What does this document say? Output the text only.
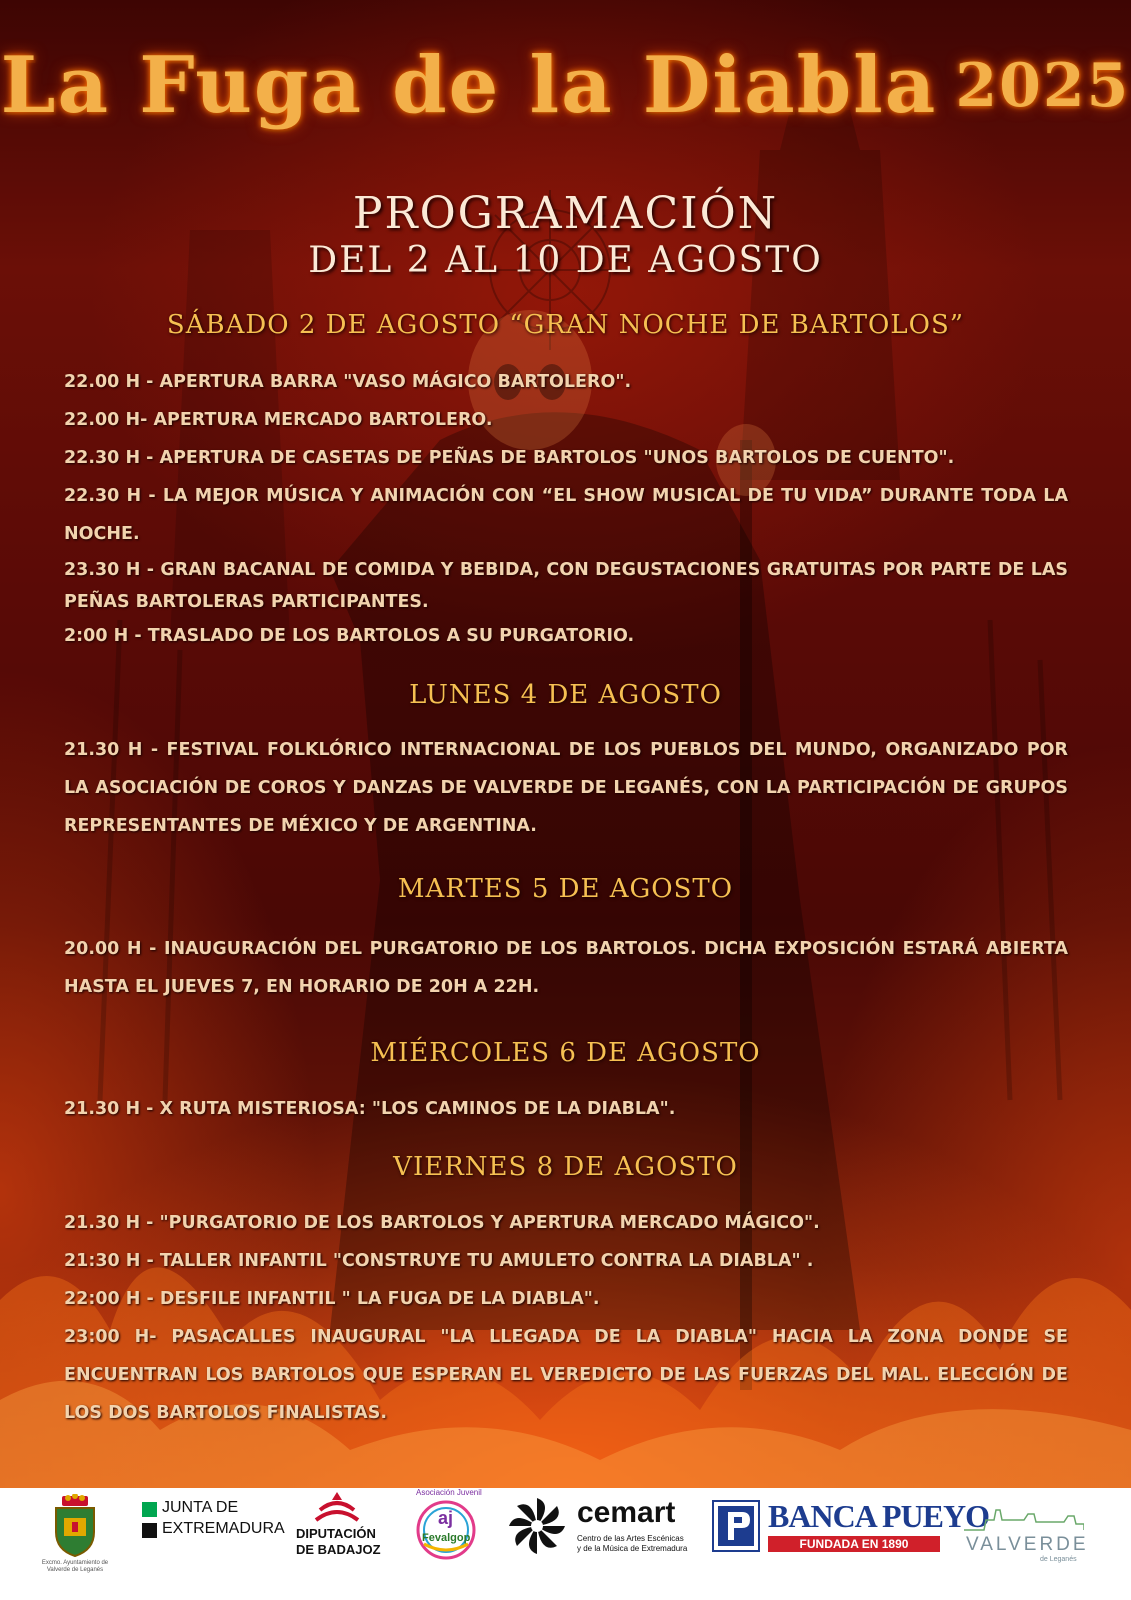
La Fuga de la Diabla 2025
PROGRAMACIÓN
DEL 2 AL 10 DE AGOSTO
SÁBADO 2 DE AGOSTO “GRAN NOCHE DE BARTOLOS”
22.00 H - APERTURA BARRA "VASO MÁGICO BARTOLERO".
22.00 H- APERTURA MERCADO BARTOLERO.
22.30 H - APERTURA DE CASETAS DE PEÑAS DE BARTOLOS "UNOS BARTOLOS DE CUENTO".
22.30 H - LA MEJOR MÚSICA Y ANIMACIÓN CON “EL SHOW MUSICAL DE TU VIDA” DURANTE TODA LA NOCHE.
23.30 H - GRAN BACANAL DE COMIDA Y BEBIDA, CON DEGUSTACIONES GRATUITAS POR PARTE DE LAS PEÑAS BARTOLERAS PARTICIPANTES.
2:00 H - TRASLADO DE LOS BARTOLOS A SU PURGATORIO.
LUNES 4 DE AGOSTO
21.30 H - FESTIVAL FOLKLÓRICO INTERNACIONAL DE LOS PUEBLOS DEL MUNDO, ORGANIZADO POR LA ASOCIACIÓN DE COROS Y DANZAS DE VALVERDE DE LEGANÉS, CON LA PARTICIPACIÓN DE GRUPOS REPRESENTANTES DE MÉXICO Y DE ARGENTINA.
MARTES 5 DE AGOSTO
20.00 H - INAUGURACIÓN DEL PURGATORIO DE LOS BARTOLOS. DICHA EXPOSICIÓN ESTARÁ ABIERTA HASTA EL JUEVES 7, EN HORARIO DE 20H A 22H.
MIÉRCOLES 6 DE AGOSTO
21.30 H - X RUTA MISTERIOSA: "LOS CAMINOS DE LA DIABLA".
VIERNES 8 DE AGOSTO
21.30 H - "PURGATORIO DE LOS BARTOLOS Y APERTURA MERCADO MÁGICO".
21:30 H - TALLER INFANTIL "CONSTRUYE TU AMULETO CONTRA LA DIABLA" .
22:00 H - DESFILE INFANTIL " LA FUGA DE LA DIABLA".
23:00 H- PASACALLES INAUGURAL "LA LLEGADA DE LA DIABLA" HACIA LA ZONA DONDE SE ENCUENTRAN LOS BARTOLOS QUE ESPERAN EL VEREDICTO DE LAS FUERZAS DEL MAL. ELECCIÓN DE LOS DOS BARTOLOS FINALISTAS.
Excmo. Ayuntamiento de Valverde de Leganés
JUNTA DE
EXTREMADURA DIPUTACIÓN
DE BADAJOZ
Asociación Juvenil
aj
Fevalgop
cemart
Centro de las Artes Escénicas
y de la Música de Extremadura
BANCA PUEYO
FUNDADA EN 1890	VALVERDE
de Leganés
